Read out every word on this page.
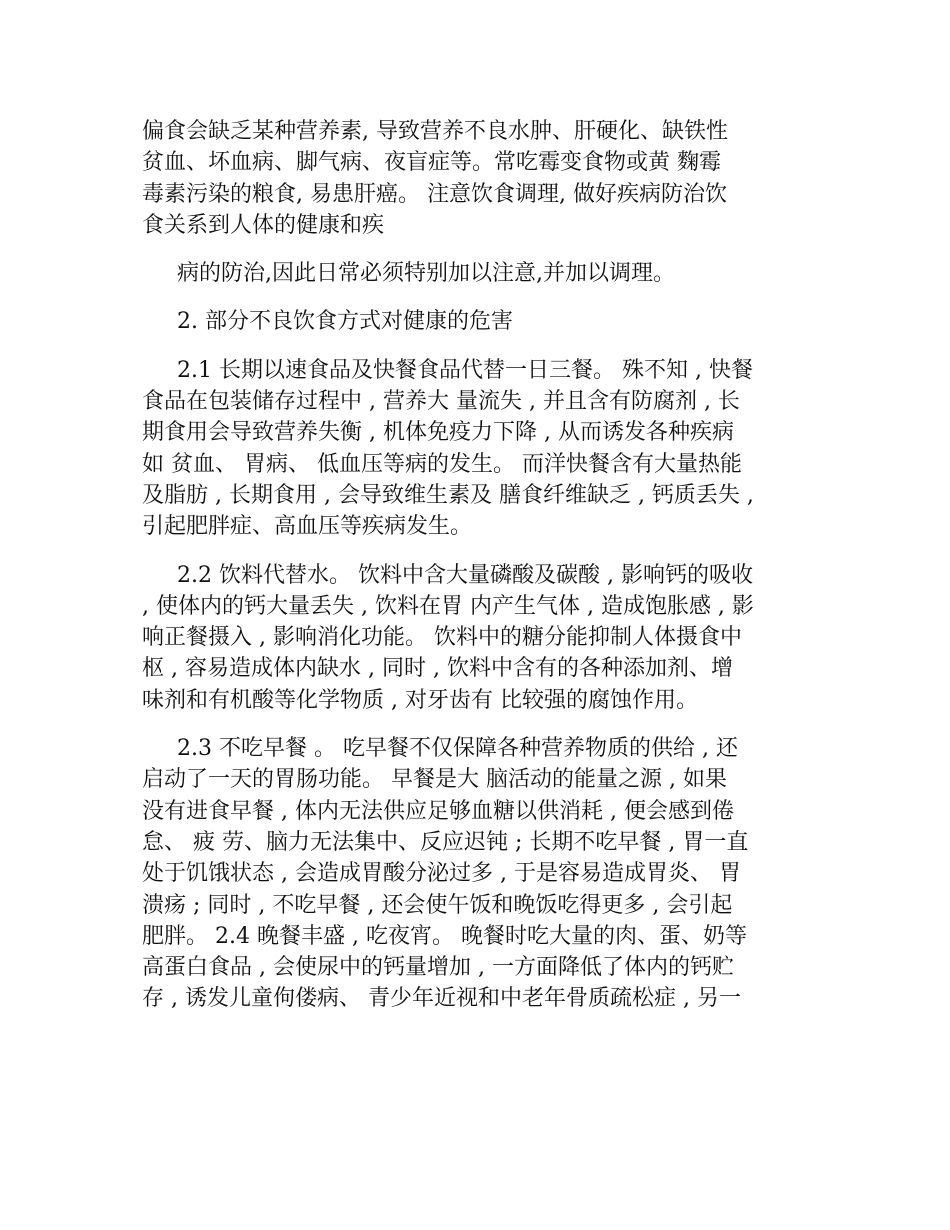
偏食会缺乏某种营养素, 导致营养不良水肿、肝硬化、缺铁性
贫血、坏血病、脚气病、夜盲症等。常吃霉变食物或黄 麴霉
毒素污染的粮食, 易患肝癌。 注意饮食调理, 做好疾病防治饮
食关系到人体的健康和疾

病的防治,因此日常必须特别加以注意,并加以调理。

2. 部分不良饮食方式对健康的危害

2.1 长期以速食品及快餐食品代替一日三餐。 殊不知 , 快餐
食品在包装储存过程中 , 营养大 量流失 , 并且含有防腐剂 , 长
期食用会导致营养失衡 , 机体免疫力下降 , 从而诱发各种疾病
如 贫血、 胃病、 低血压等病的发生。 而洋快餐含有大量热能
及脂肪 , 长期食用 , 会导致维生素及 膳食纤维缺乏 , 钙质丢失 ,
引起肥胖症、高血压等疾病发生。

2.2 饮料代替水。 饮料中含大量磷酸及碳酸 , 影响钙的吸收
, 使体内的钙大量丢失 , 饮料在胃 内产生气体 , 造成饱胀感 , 影
响正餐摄入 , 影响消化功能。 饮料中的糖分能抑制人体摄食中
枢 , 容易造成体内缺水 , 同时 , 饮料中含有的各种添加剂、增
味剂和有机酸等化学物质 , 对牙齿有 比较强的腐蚀作用。

2.3 不吃早餐 。 吃早餐不仅保障各种营养物质的供给 , 还
启动了一天的胃肠功能。 早餐是大 脑活动的能量之源 , 如果
没有进食早餐 , 体内无法供应足够血糖以供消耗 , 便会感到倦
怠、 疲 劳、脑力无法集中、反应迟钝 ; 长期不吃早餐 , 胃一直
处于饥饿状态 , 会造成胃酸分泌过多 , 于是容易造成胃炎、 胃
溃疡 ; 同时 , 不吃早餐 , 还会使午饭和晚饭吃得更多 , 会引起
肥胖。 2.4 晚餐丰盛 , 吃夜宵。 晚餐时吃大量的肉、蛋、奶等
高蛋白食品 , 会使尿中的钙量增加 , 一方面降低了体内的钙贮
存 , 诱发儿童佝偻病、 青少年近视和中老年骨质疏松症 , 另一
